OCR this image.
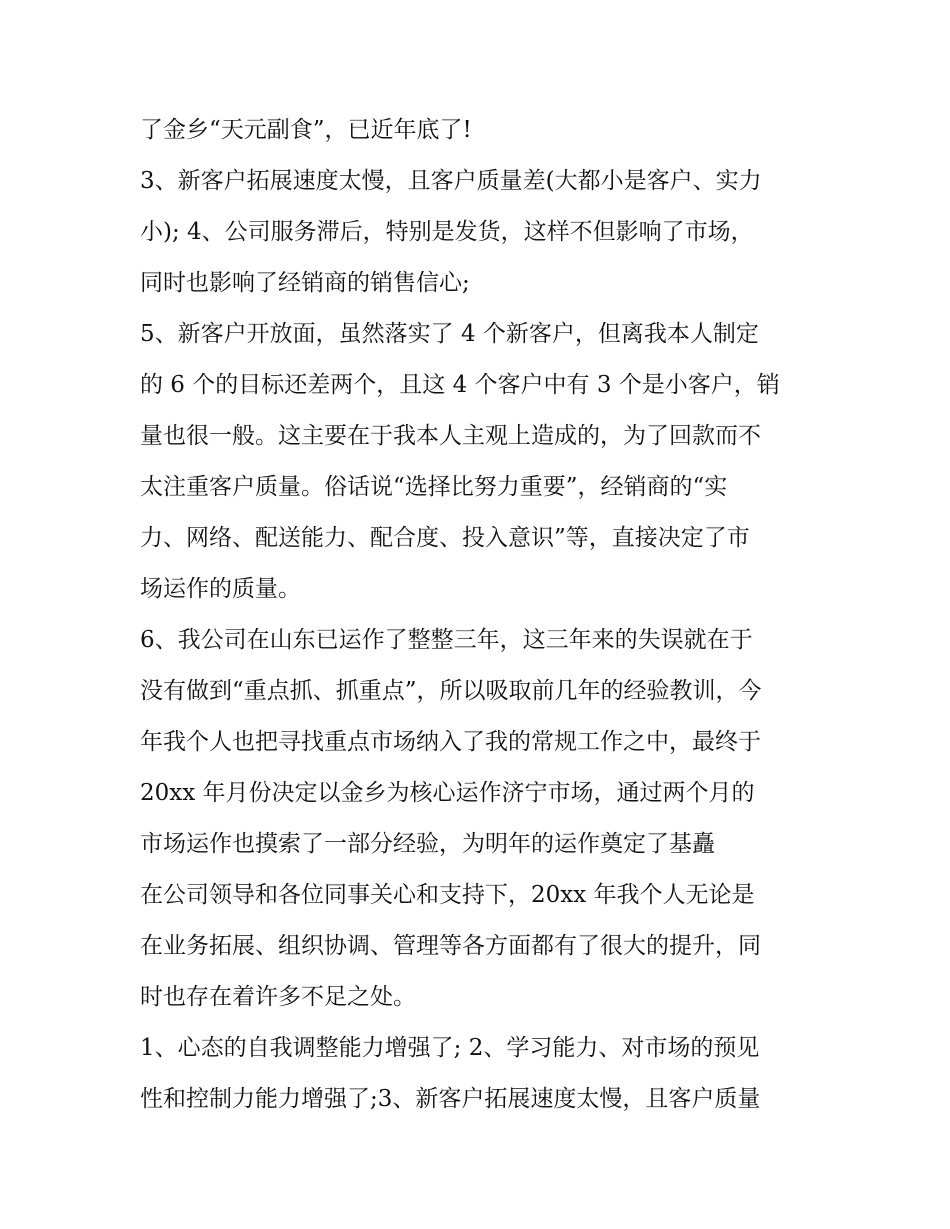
了金乡“天元副食”，已近年底了!
3、新客户拓展速度太慢，且客户质量差(大都小是客户、实力
小); 4、公司服务滞后，特别是发货，这样不但影响了市场，
同时也影响了经销商的销售信心;
5、新客户开放面，虽然落实了 4 个新客户，但离我本人制定
的 6 个的目标还差两个，且这 4 个客户中有 3 个是小客户，销
量也很一般。这主要在于我本人主观上造成的，为了回款而不
太注重客户质量。俗话说“选择比努力重要”，经销商的“实
力、网络、配送能力、配合度、投入意识”等，直接决定了市
场运作的质量。
6、我公司在山东已运作了整整三年，这三年来的失误就在于
没有做到“重点抓、抓重点”，所以吸取前几年的经验教训，今
年我个人也把寻找重点市场纳入了我的常规工作之中，最终于
20xx 年月份决定以金乡为核心运作济宁市场，通过两个月的
市场运作也摸索了一部分经验，为明年的运作奠定了基矗
在公司领导和各位同事关心和支持下，20xx 年我个人无论是
在业务拓展、组织协调、管理等各方面都有了很大的提升，同
时也存在着许多不足之处。
1、心态的自我调整能力增强了; 2、学习能力、对市场的预见
性和控制力能力增强了;3、新客户拓展速度太慢，且客户质量
